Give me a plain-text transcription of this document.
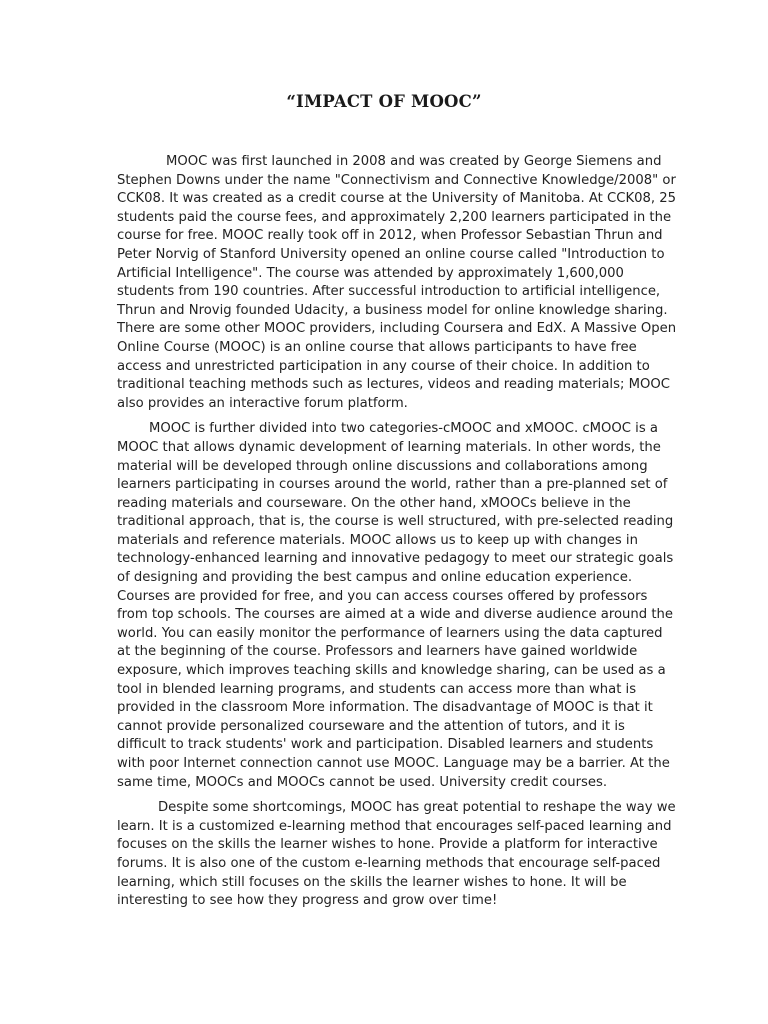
“IMPACT OF MOOC”

MOOC was first launched in 2008 and was created by George Siemens and Stephen Downs under the name "Connectivism and Connective Knowledge/2008" or CCK08. It was created as a credit course at the University of Manitoba. At CCK08, 25 students paid the course fees, and approximately 2,200 learners participated in the course for free. MOOC really took off in 2012, when Professor Sebastian Thrun and Peter Norvig of Stanford University opened an online course called "Introduction to Artificial Intelligence". The course was attended by approximately 1,600,000 students from 190 countries. After successful introduction to artificial intelligence, Thrun and Nrovig founded Udacity, a business model for online knowledge sharing. There are some other MOOC providers, including Coursera and EdX. A Massive Open Online Course (MOOC) is an online course that allows participants to have free access and unrestricted participation in any course of their choice. In addition to traditional teaching methods such as lectures, videos and reading materials; MOOC also provides an interactive forum platform.

MOOC is further divided into two categories-cMOOC and xMOOC. cMOOC is a MOOC that allows dynamic development of learning materials. In other words, the material will be developed through online discussions and collaborations among learners participating in courses around the world, rather than a pre-planned set of reading materials and courseware. On the other hand, xMOOCs believe in the traditional approach, that is, the course is well structured, with pre-selected reading materials and reference materials. MOOC allows us to keep up with changes in technology-enhanced learning and innovative pedagogy to meet our strategic goals of designing and providing the best campus and online education experience. Courses are provided for free, and you can access courses offered by professors from top schools. The courses are aimed at a wide and diverse audience around the world. You can easily monitor the performance of learners using the data captured at the beginning of the course. Professors and learners have gained worldwide exposure, which improves teaching skills and knowledge sharing, can be used as a tool in blended learning programs, and students can access more than what is provided in the classroom More information. The disadvantage of MOOC is that it cannot provide personalized courseware and the attention of tutors, and it is difficult to track students' work and participation. Disabled learners and students with poor Internet connection cannot use MOOC. Language may be a barrier. At the same time, MOOCs and MOOCs cannot be used. University credit courses.

Despite some shortcomings, MOOC has great potential to reshape the way we learn. It is a customized e-learning method that encourages self-paced learning and focuses on the skills the learner wishes to hone. Provide a platform for interactive forums. It is also one of the custom e-learning methods that encourage self-paced learning, which still focuses on the skills the learner wishes to hone. It will be interesting to see how they progress and grow over time!
